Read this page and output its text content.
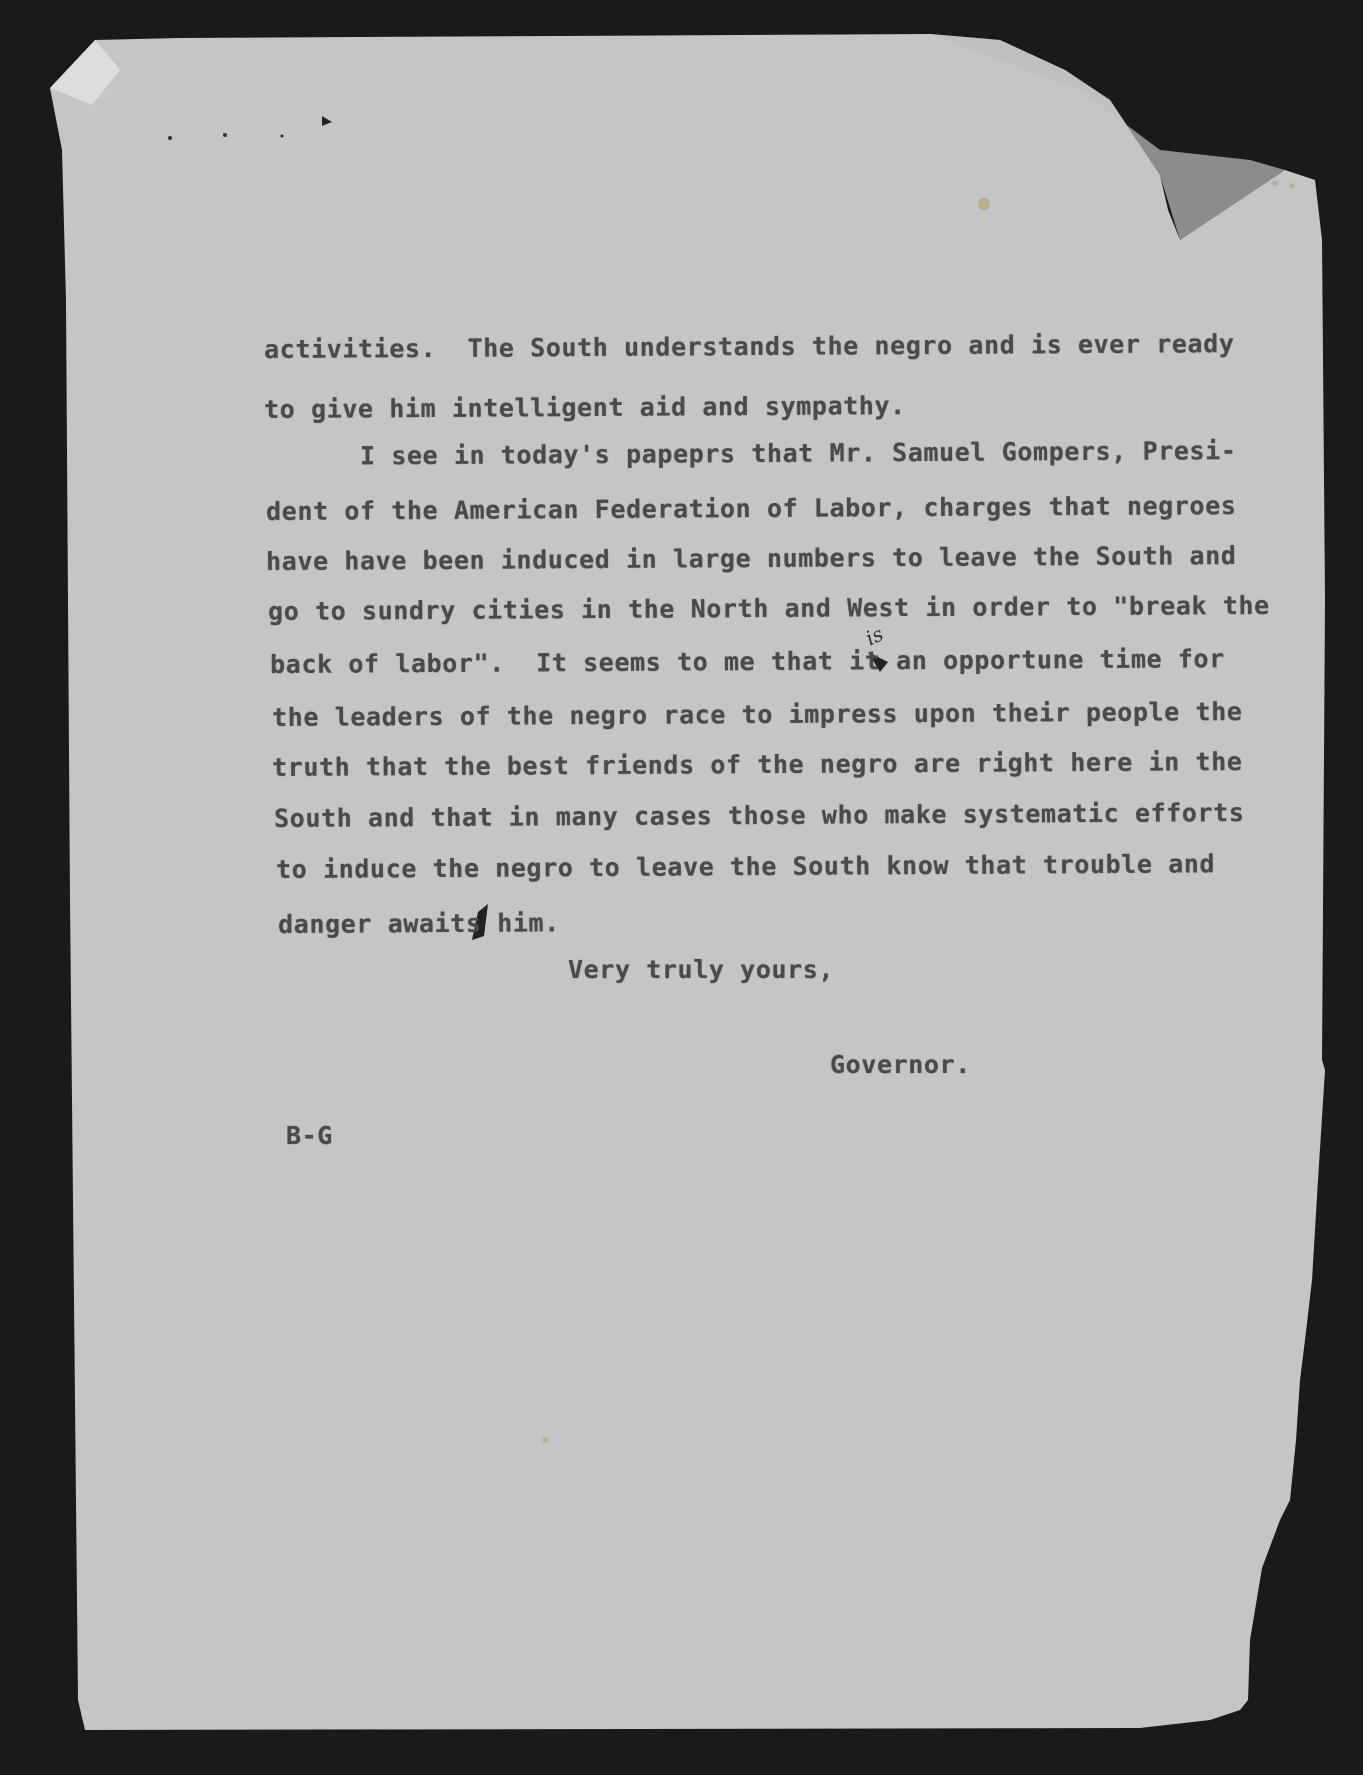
activities.  The South understands the negro and is ever ready
to give him intelligent aid and sympathy.
I see in today's papeprs that Mr. Samuel Gompers, Presi-
dent of the American Federation of Labor, charges that negroes
have have been induced in large numbers to leave the South and
go to sundry cities in the North and West in order to "break the
back of labor".  It seems to me that it an opportune time for
the leaders of the negro race to impress upon their people the
truth that the best friends of the negro are right here in the
South and that in many cases those who make systematic efforts
to induce the negro to leave the South know that trouble and
danger awaits him.
is
Very truly yours,
Governor.
B-G
